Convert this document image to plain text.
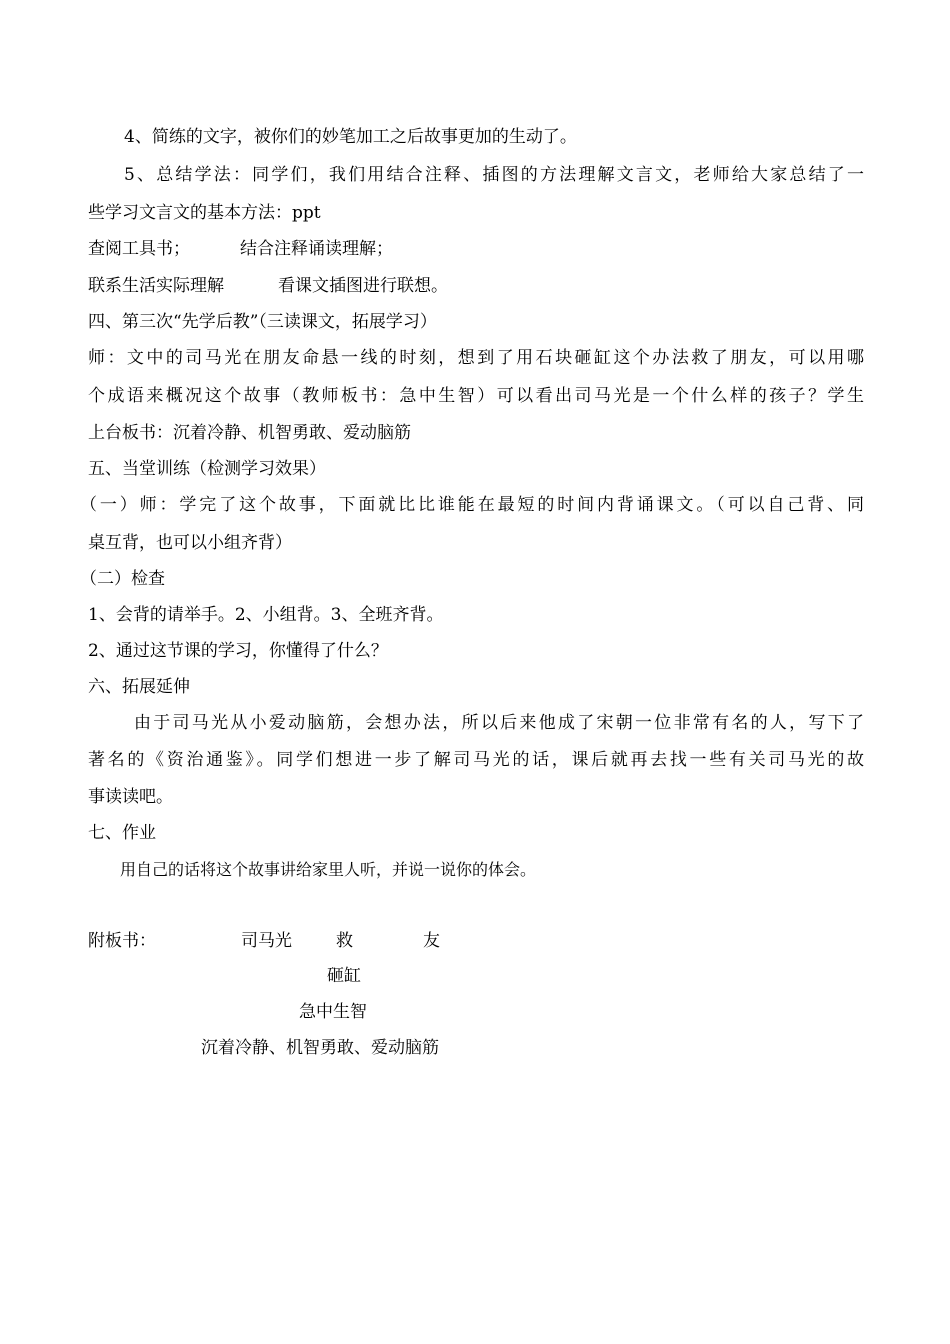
4、简练的文字，被你们的妙笔加工之后故事更加的生动了。
5、总结学法：同学们，我们用结合注释、插图的方法理解文言文，老师给大家总结了一
些学习文言文的基本方法：ppt
查阅工具书；	结合注释诵读理解；
联系生活实际理解	看课文插图进行联想。
四、第三次“先学后教”（三读课文，拓展学习）
师：文中的司马光在朋友命悬一线的时刻，想到了用石块砸缸这个办法救了朋友，可以用哪
个成语来概况这个故事（教师板书：急中生智）可以看出司马光是一个什么样的孩子？学生
上台板书：沉着冷静、机智勇敢、爱动脑筋
五、当堂训练（检测学习效果）
（一）师：学完了这个故事，下面就比比谁能在最短的时间内背诵课文。（可以自己背、同
桌互背，也可以小组齐背）
（二）检查
1、会背的请举手。2、小组背。3、全班齐背。
2、通过这节课的学习，你懂得了什么？
六、拓展延伸
由于司马光从小爱动脑筋，会想办法，所以后来他成了宋朝一位非常有名的人，写下了
著名的《资治通鉴》。同学们想进一步了解司马光的话，课后就再去找一些有关司马光的故
事读读吧。
七、作业
用自己的话将这个故事讲给家里人听，并说一说你的体会。
附板书：	司马光	救	友
砸缸
急中生智
沉着冷静、机智勇敢、爱动脑筋
